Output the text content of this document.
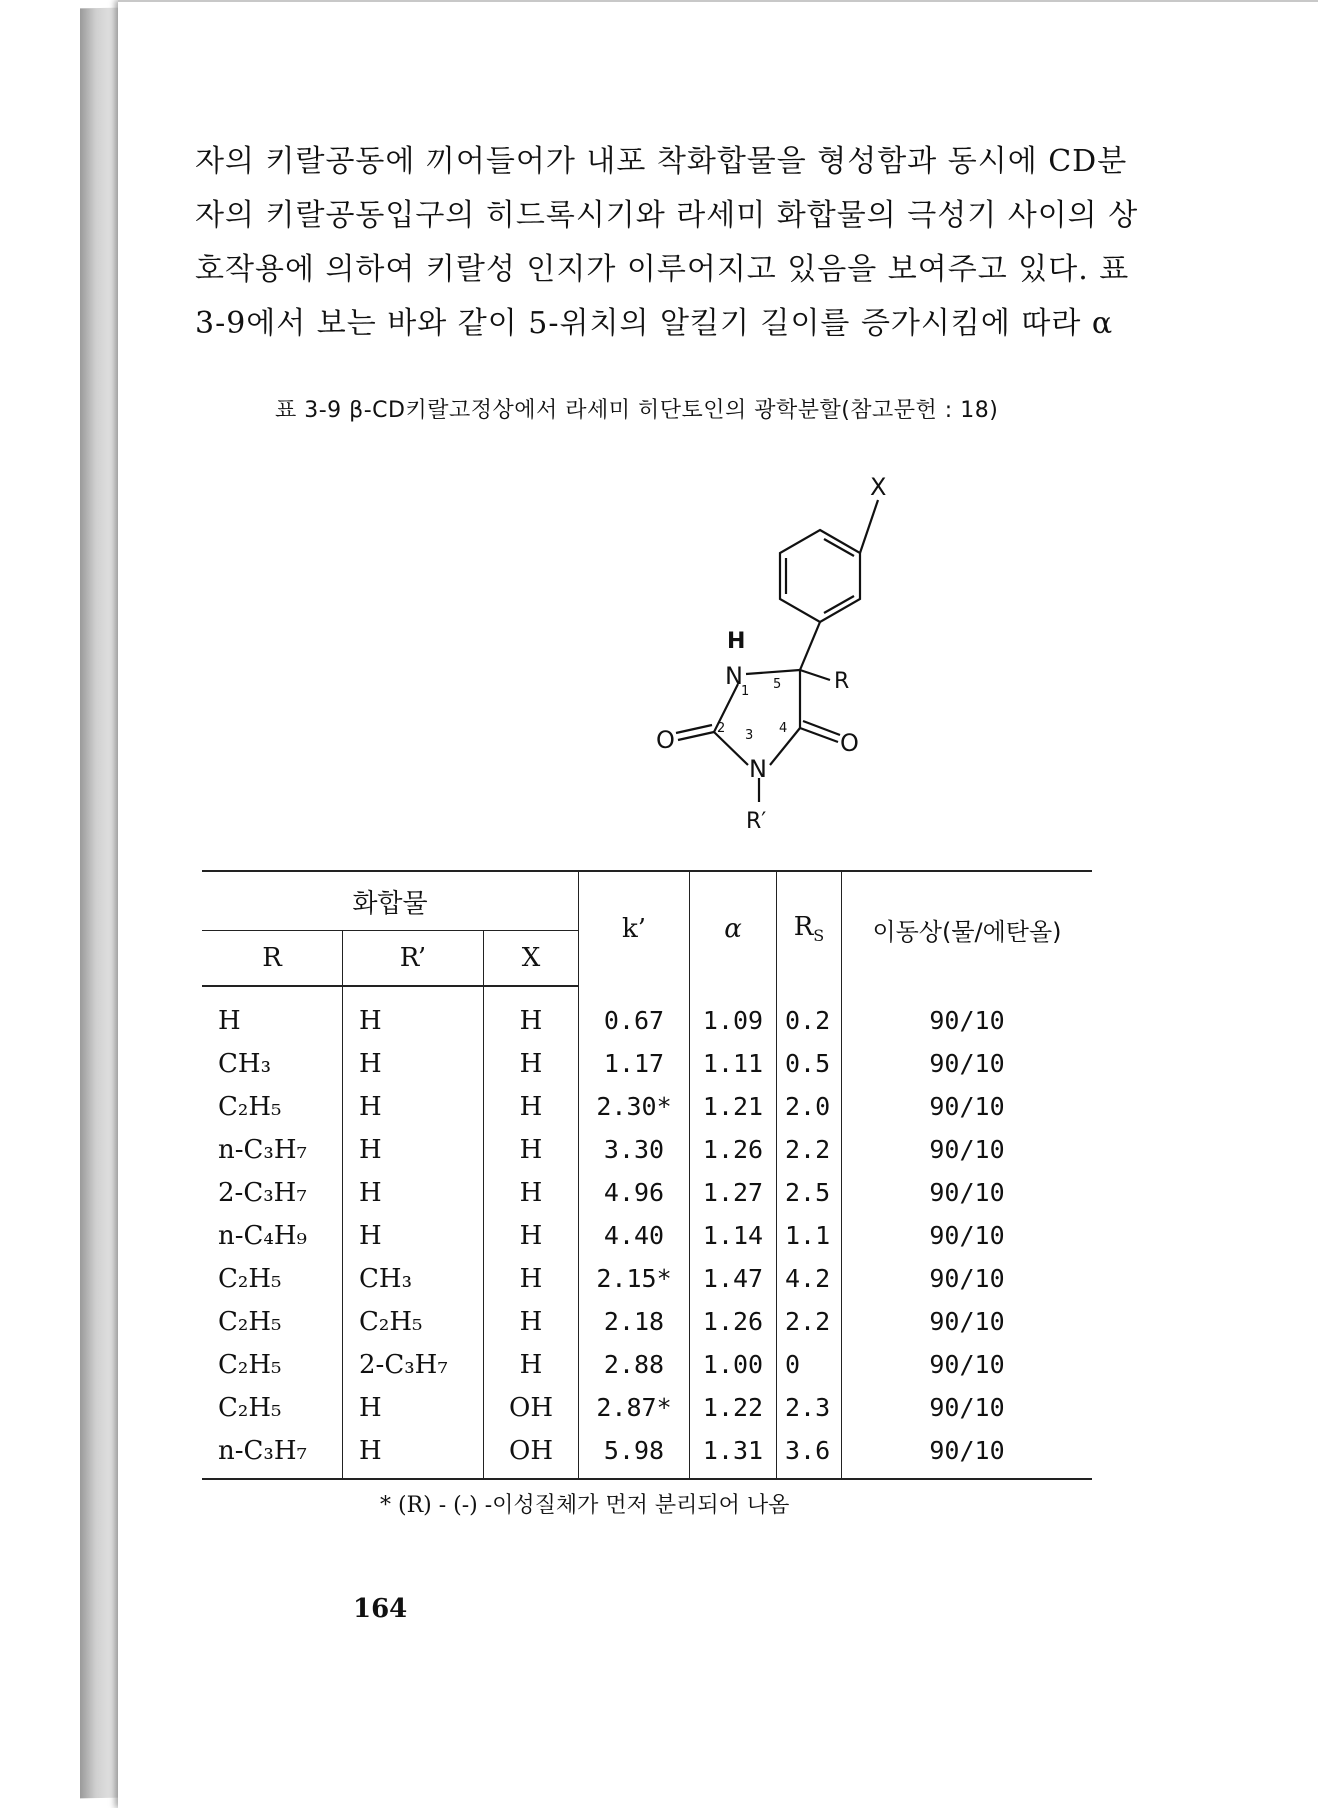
자의 키랄공동에 끼어들어가 내포 착화합물을 형성함과 동시에 CD분
자의 키랄공동입구의 히드록시기와 라세미 화합물의 극성기 사이의 상
호작용에 의하여 키랄성 인지가 이루어지고 있음을 보여주고 있다. 표
3-9에서 보는 바와 같이 5-위치의 알킬기 길이를 증가시킴에 따라 α
표 3-9 β-CD키랄고정상에서 라세미 히단토인의 광학분할(참고문헌 : 18)
X
H
N	R
O	O
N
R′
1
2 3 4
5
화합물			k’	α	$R_S$	이동상(물/에탄올)
R	R’	X				
H	H	H	0.67	1.09	0.2	90/10
CH₃	H	H	1.17	1.11	0.5	90/10
C₂H₅	H	H	2.30*	1.21	2.0	90/10
n-C₃H₇	H	H	3.30	1.26	2.2	90/10
2-C₃H₇	H	H	4.96	1.27	2.5	90/10
n-C₄H₉	H	H	4.40	1.14	1.1	90/10
C₂H₅	CH₃	H	2.15*	1.47	4.2	90/10
C₂H₅	C₂H₅	H	2.18	1.26	2.2	90/10
C₂H₅	2-C₃H₇	H	2.88	1.00	0	90/10
C₂H₅	H	OH	2.87*	1.22	2.3	90/10
n-C₃H₇	H	OH	5.98	1.31	3.6	90/10
* (R) - (-) -이성질체가 먼저 분리되어 나옴
164
